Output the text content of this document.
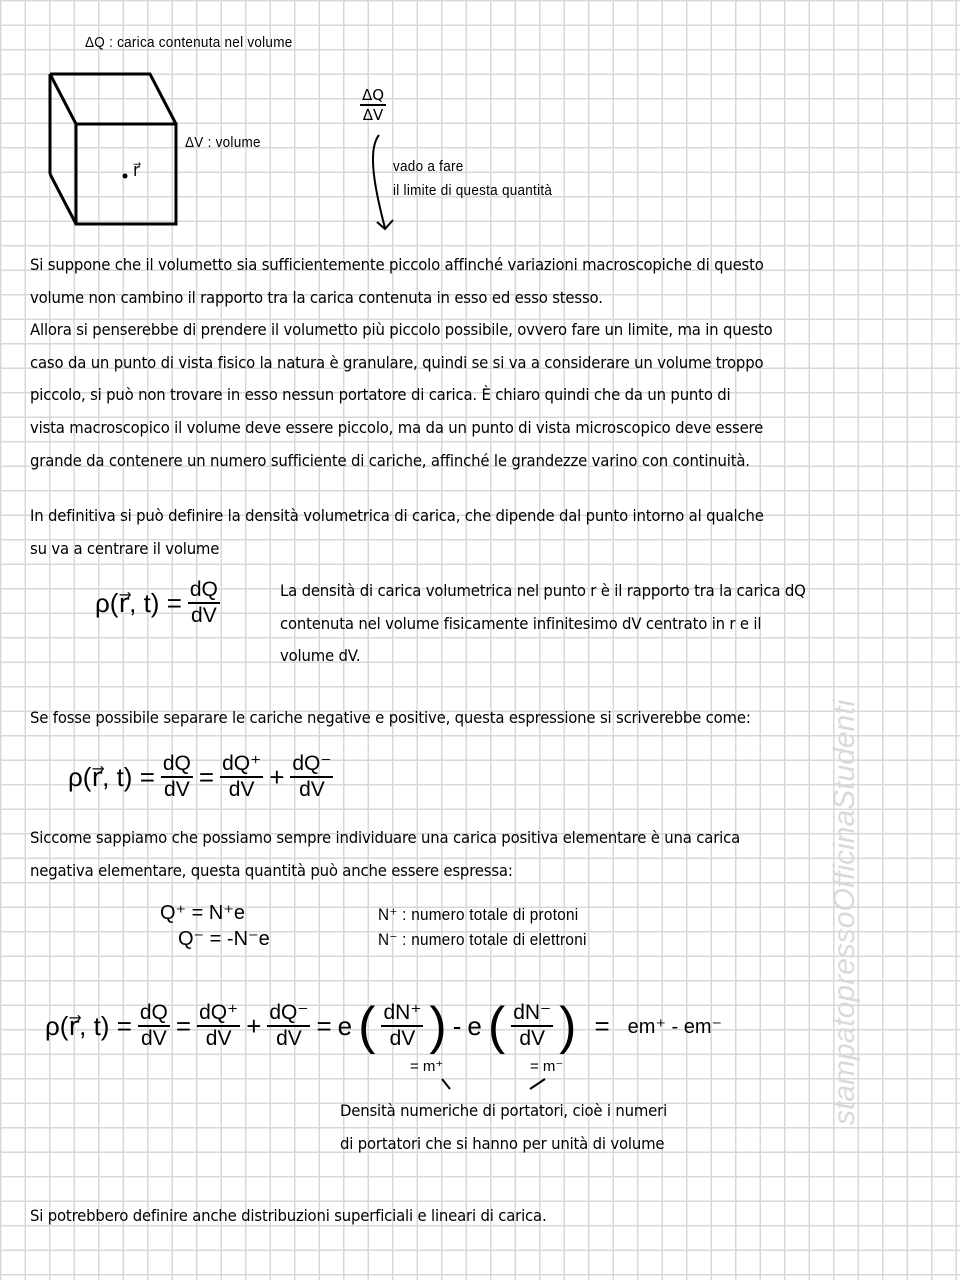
ΔQ : carica contenuta nel volume
r⃗
ΔV : volume
$\frac{\Delta Q}{\Delta V}$
vado a fare
il limite di questa quantità

Si suppone che il volumetto sia sufficientemente piccolo affinché variazioni macroscopiche di questo

volume non cambino il rapporto tra la carica contenuta in esso ed esso stesso.

Allora si penserebbe di prendere il volumetto più piccolo possibile, ovvero fare un limite, ma in questo

caso da un punto di vista fisico la natura è granulare, quindi se si va a considerare un volume troppo

piccolo, si può non trovare in esso nessun portatore di carica. È chiaro quindi che da un punto di

vista macroscopico il volume deve essere piccolo, ma da un punto di vista microscopico deve essere

grande da contenere un numero sufficiente di cariche, affinché le grandezze varino con continuità.

In definitiva si può definire la densità volumetrica di carica, che dipende dal punto intorno al qualche

su va a centrare il volume

ρ(r⃗, $t) = \frac{dQ}{dV}$	La densità di carica volumetrica nel punto r è il rapporto tra la carica dQ

contenuta nel volume fisicamente infinitesimo dV centrato in r e il

volume dV.

Se fosse possibile separare le cariche negative e positive, questa espressione si scriverebbe come:
ρ(r⃗, $t) = \frac{dQ}{dV} = \frac{dQ^+}{dV} + \frac{dQ^-}{dV}$

Siccome sappiamo che possiamo sempre individuare una carica positiva elementare è una carica

negativa elementare, questa quantità può anche essere espressa:

Q⁺ = N⁺e
Q⁻ = -N⁻e
N⁺ : numero totale di protoni
N⁻ : numero totale di elettroni
ρ(r⃗, $t) = \frac{dQ}{dV} = \frac{dQ^+}{dV} + \frac{dQ^-}{dV} = e$ ( $\frac{dN^+}{dV}$ ) - e ( $\frac{dN^-}{dV}$ ) = em⁺ - em⁻
= m⁺	= m⁻

Densità numeriche di portatori, cioè i numeri

di portatori che si hanno per unità di volume

Si potrebbero definire anche distribuzioni superficiali e lineari di carica.
stampatopressoOfficinaStudenti
